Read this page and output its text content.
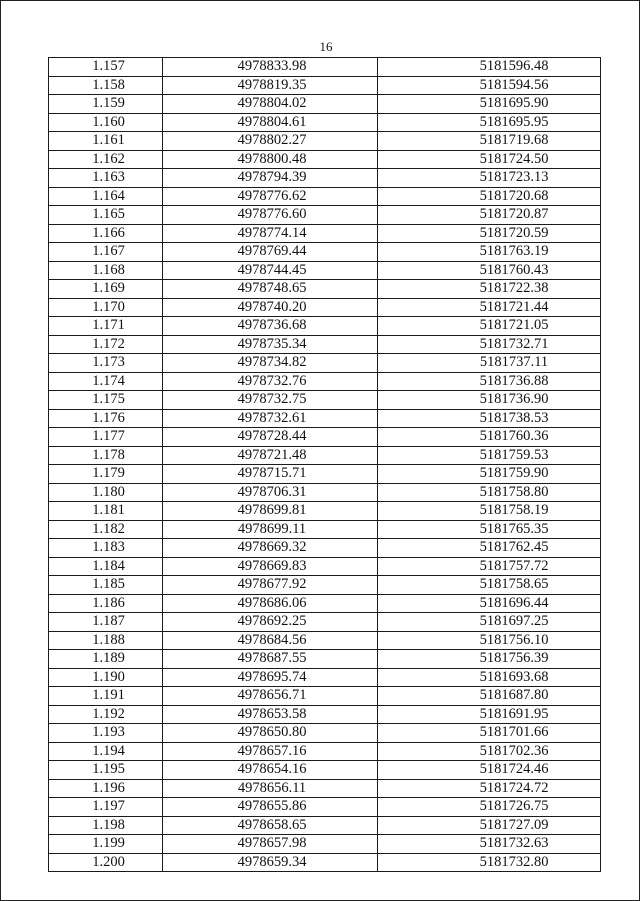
16
1.157	4978833.98	5181596.48
1.158	4978819.35	5181594.56
1.159	4978804.02	5181695.90
1.160	4978804.61	5181695.95
1.161	4978802.27	5181719.68
1.162	4978800.48	5181724.50
1.163	4978794.39	5181723.13
1.164	4978776.62	5181720.68
1.165	4978776.60	5181720.87
1.166	4978774.14	5181720.59
1.167	4978769.44	5181763.19
1.168	4978744.45	5181760.43
1.169	4978748.65	5181722.38
1.170	4978740.20	5181721.44
1.171	4978736.68	5181721.05
1.172	4978735.34	5181732.71
1.173	4978734.82	5181737.11
1.174	4978732.76	5181736.88
1.175	4978732.75	5181736.90
1.176	4978732.61	5181738.53
1.177	4978728.44	5181760.36
1.178	4978721.48	5181759.53
1.179	4978715.71	5181759.90
1.180	4978706.31	5181758.80
1.181	4978699.81	5181758.19
1.182	4978699.11	5181765.35
1.183	4978669.32	5181762.45
1.184	4978669.83	5181757.72
1.185	4978677.92	5181758.65
1.186	4978686.06	5181696.44
1.187	4978692.25	5181697.25
1.188	4978684.56	5181756.10
1.189	4978687.55	5181756.39
1.190	4978695.74	5181693.68
1.191	4978656.71	5181687.80
1.192	4978653.58	5181691.95
1.193	4978650.80	5181701.66
1.194	4978657.16	5181702.36
1.195	4978654.16	5181724.46
1.196	4978656.11	5181724.72
1.197	4978655.86	5181726.75
1.198	4978658.65	5181727.09
1.199	4978657.98	5181732.63
1.200	4978659.34	5181732.80
